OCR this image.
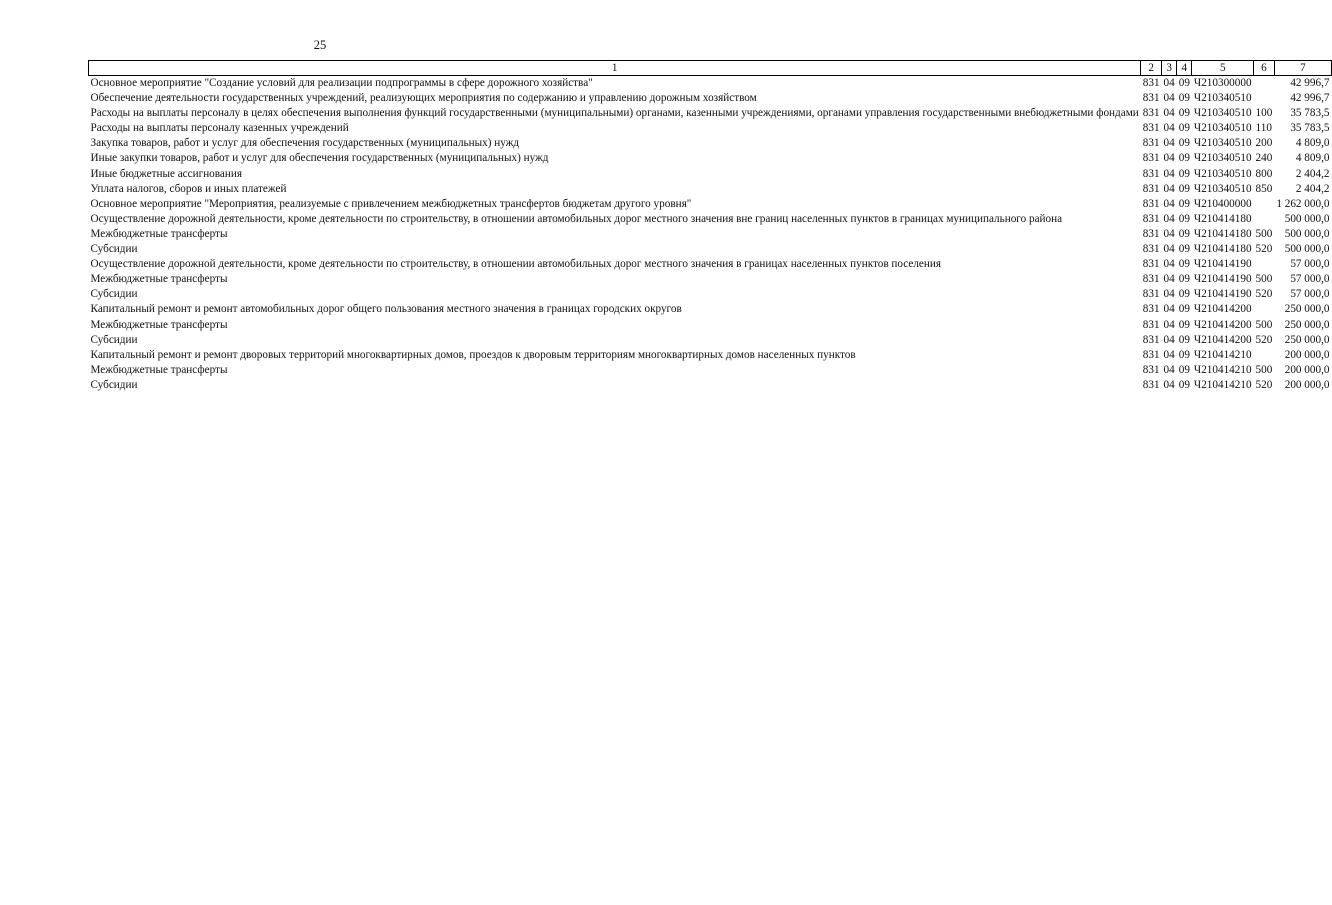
25
1	2	3	4	5	6	7
Основное мероприятие "Создание условий для реализации подпрограммы в сфере дорожного хозяйства"	831	04	09	Ч210300000		42 996,7
Обеспечение деятельности государственных учреждений, реализующих мероприятия по содержанию и управлению дорожным хозяйством	831	04	09	Ч210340510		42 996,7
Расходы на выплаты персоналу в целях обеспечения выполнения функций государственными (муниципальными) органами, казенными учреждениями, органами управления государственными внебюджетными фондами	831	04	09	Ч210340510	100	35 783,5
Расходы на выплаты персоналу казенных учреждений	831	04	09	Ч210340510	110	35 783,5
Закупка товаров, работ и услуг для обеспечения государственных (муниципальных) нужд	831	04	09	Ч210340510	200	4 809,0
Иные закупки товаров, работ и услуг для обеспечения государственных (муниципальных) нужд	831	04	09	Ч210340510	240	4 809,0
Иные бюджетные ассигнования	831	04	09	Ч210340510	800	2 404,2
Уплата налогов, сборов и иных платежей	831	04	09	Ч210340510	850	2 404,2
Основное мероприятие "Мероприятия, реализуемые с привлечением межбюджетных трансфертов бюджетам другого уровня"	831	04	09	Ч210400000		1 262 000,0
Осуществление дорожной деятельности, кроме деятельности по строительству, в отношении автомобильных дорог местного значения вне границ населенных пунктов в границах муниципального района	831	04	09	Ч210414180		500 000,0
Межбюджетные трансферты	831	04	09	Ч210414180	500	500 000,0
Субсидии	831	04	09	Ч210414180	520	500 000,0
Осуществление дорожной деятельности, кроме деятельности по строительству, в отношении автомобильных дорог местного значения в границах населенных пунктов поселения	831	04	09	Ч210414190		57 000,0
Межбюджетные трансферты	831	04	09	Ч210414190	500	57 000,0
Субсидии	831	04	09	Ч210414190	520	57 000,0
Капитальный ремонт и ремонт автомобильных дорог общего пользования местного значения в границах городских округов	831	04	09	Ч210414200		250 000,0
Межбюджетные трансферты	831	04	09	Ч210414200	500	250 000,0
Субсидии	831	04	09	Ч210414200	520	250 000,0
Капитальный ремонт и ремонт дворовых территорий многоквартирных домов, проездов к дворовым территориям многоквартирных домов населенных пунктов	831	04	09	Ч210414210		200 000,0
Межбюджетные трансферты	831	04	09	Ч210414210	500	200 000,0
Субсидии	831	04	09	Ч210414210	520	200 000,0
